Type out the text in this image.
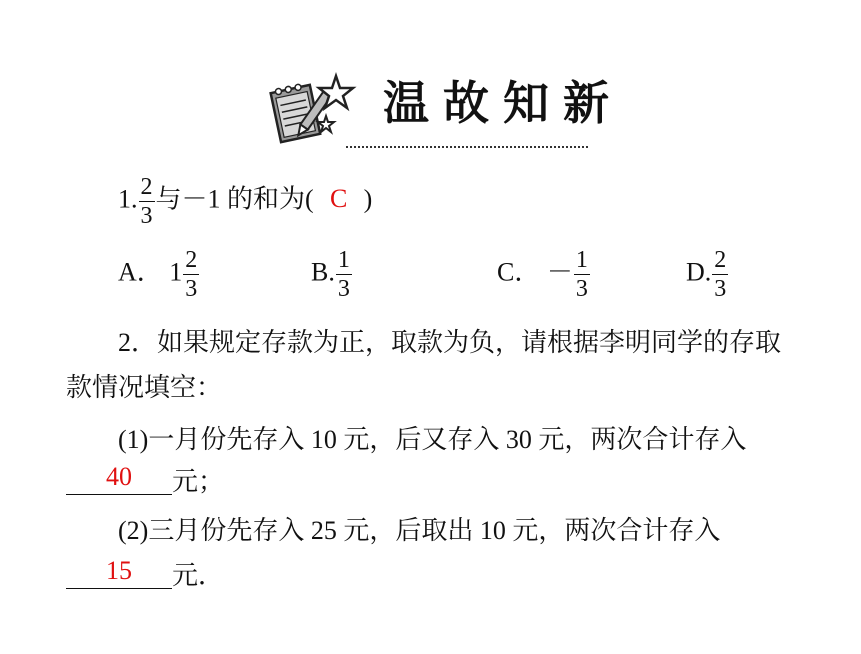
温故知新
1. $\frac{2}{3}$ 与－1 的和为( C )
A． $1 \frac{2}{3}$	B. $\frac{1}{3}$	C． － $\frac{1}{3}$	D. $\frac{2}{3}$
2．如果规定存款为正，取款为负，请根据李明同学的存取
款情况填空：
(1)一月份先存入 10 元，后又存入 30 元，两次合计存入
40	元；
(2)三月份先存入 25 元，后取出 10 元，两次合计存入
15	元．
